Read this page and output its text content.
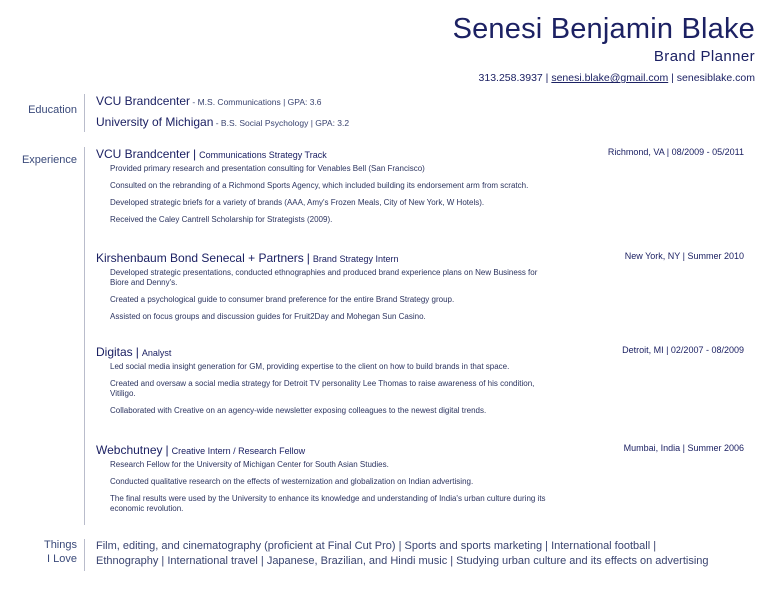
Senesi Benjamin Blake
Brand Planner
313.258.3937 | senesi.blake@gmail.com | senesiblake.com
Education
VCU Brandcenter - M.S. Communications | GPA: 3.6
University of Michigan - B.S. Social Psychology | GPA: 3.2
Experience VCU Brandcenter | Communications Strategy Track	Richmond, VA | 08/2009 - 05/2011
Provided primary research and presentation consulting for Venables Bell (San Francisco)
Consulted on the rebranding of a Richmond Sports Agency, which included building its endorsement arm from scratch.
Developed strategic briefs for a variety of brands (AAA, Amy's Frozen Meals, City of New York, W Hotels).
Received the Caley Cantrell Scholarship for Strategists (2009).
Kirshenbaum Bond Senecal + Partners | Brand Strategy Intern	New York, NY | Summer 2010
Developed strategic presentations, conducted ethnographies and produced brand experience plans on New Business for Biore and Denny's.
Created a psychological guide to consumer brand preference for the entire Brand Strategy group.
Assisted on focus groups and discussion guides for Fruit2Day and Mohegan Sun Casino.
Digitas | Analyst	Detroit, MI | 02/2007 - 08/2009
Led social media insight generation for GM, providing expertise to the client on how to build brands in that space.
Created and oversaw a social media strategy for Detroit TV personality Lee Thomas to raise awareness of his condition, Vitiligo.
Collaborated with Creative on an agency-wide newsletter exposing colleagues to the newest digital trends.
Webchutney | Creative Intern / Research Fellow	Mumbai, India | Summer 2006
Research Fellow for the University of Michigan Center for South Asian Studies.
Conducted qualitative research on the effects of westernization and globalization on Indian advertising.
The final results were used by the University to enhance its knowledge and understanding of India's urban culture during its economic revolution.
Things
I Love
Film, editing, and cinematography (proficient at Final Cut Pro) | Sports and sports marketing | International football |
Ethnography | International travel | Japanese, Brazilian, and Hindi music | Studying urban culture and its effects on advertising
